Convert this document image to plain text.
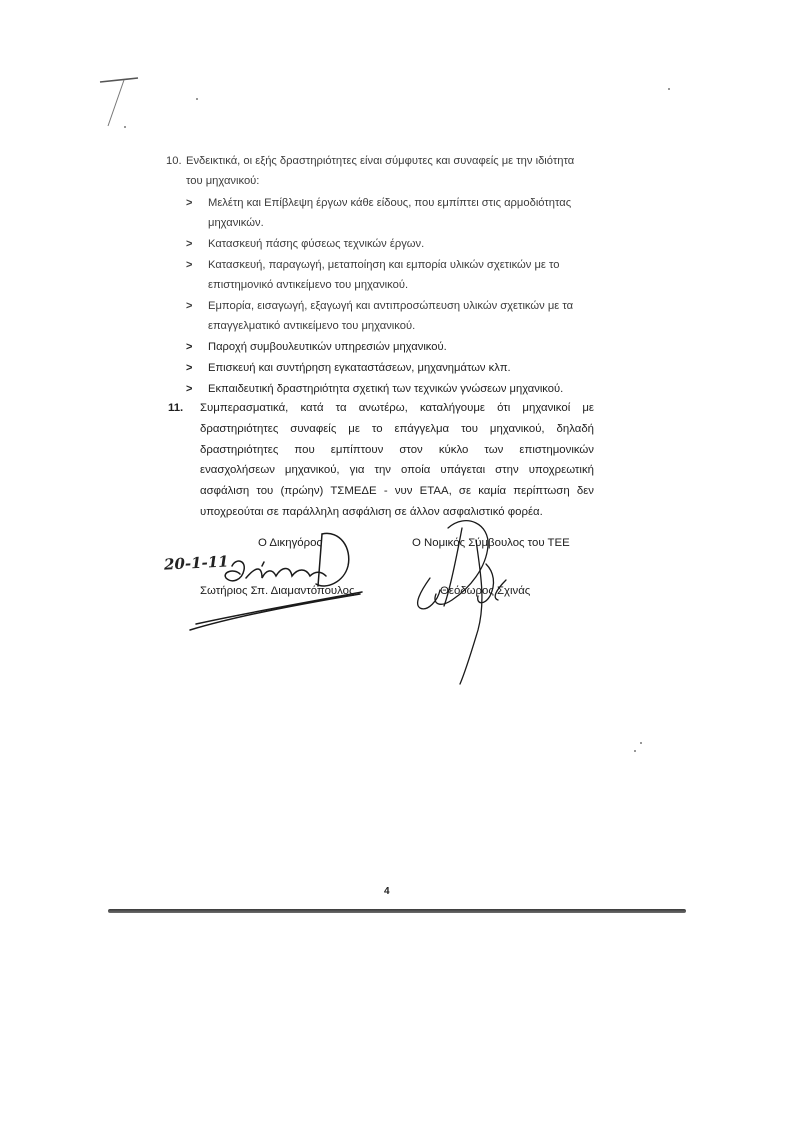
10. Ενδεικτικά, οι εξής δραστηριότητες είναι σύμφυτες και συναφείς με την ιδιότητα
του μηχανικού:
> Μελέτη και Επίβλεψη έργων κάθε είδους, που εμπίπτει στις αρμοδιότητας μηχανικών.
> Κατασκευή πάσης φύσεως τεχνικών έργων.
> Κατασκευή, παραγωγή, μεταποίηση και εμπορία υλικών σχετικών με το επιστημονικό αντικείμενο του μηχανικού.
> Εμπορία, εισαγωγή, εξαγωγή και αντιπροσώπευση υλικών σχετικών με τα επαγγελματικό αντικείμενο του μηχανικού.
> Παροχή συμβουλευτικών υπηρεσιών μηχανικού.
> Επισκευή και συντήρηση εγκαταστάσεων, μηχανημάτων κλπ.
> Εκπαιδευτική δραστηριότητα σχετική των τεχνικών γνώσεων μηχανικού.
11.	Συμπερασματικά, κατά τα ανωτέρω, καταλήγουμε ότι μηχανικοί με δραστηριότητες συναφείς με το επάγγελμα του μηχανικού, δηλαδή δραστηριότητες που εμπίπτουν στον κύκλο των επιστημονικών ενασχολήσεων μηχανικού, για την οποία υπάγεται στην υποχρεωτική ασφάλιση του (πρώην) ΤΣΜΕΔΕ - νυν ΕΤΑΑ, σε καμία περίπτωση δεν υποχρεούται σε παράλληλη ασφάλιση σε άλλον ασφαλιστικό φορέα.
Ο Δικηγόρος
20-1-11
Σωτήριος Σπ. Διαμαντόπουλος
Ο Νομικός Σύμβουλος του ΤΕΕ
Θεόδωρος Σχινάς
4
